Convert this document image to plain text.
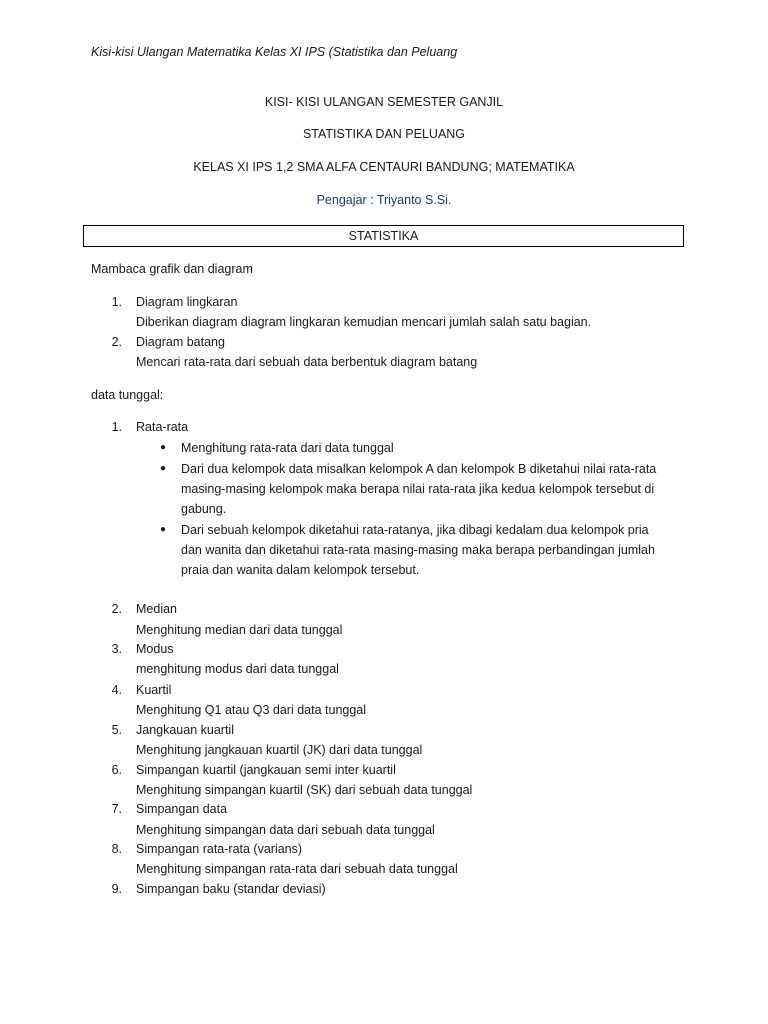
Kisi-kisi Ulangan Matematika Kelas XI IPS (Statistika dan Peluang
KISI- KISI ULANGAN SEMESTER GANJIL
STATISTIKA DAN PELUANG
KELAS XI IPS 1,2 SMA ALFA CENTAURI BANDUNG; MATEMATIKA
Pengajar : Triyanto S.Si.
STATISTIKA
Mambaca grafik dan diagram
1. Diagram lingkaran
Diberikan diagram diagram lingkaran kemudian mencari jumlah salah satu bagian.
2. Diagram batang
Mencari rata-rata dari sebuah data berbentuk diagram batang
data tunggal:
1. Rata-rata
● Menghitung rata-rata dari data tunggal
● Dari dua kelompok data misalkan kelompok A dan kelompok B diketahui nilai rata-rata
masing-masing kelompok maka berapa nilai rata-rata jika kedua kelompok tersebut di
gabung.
● Dari sebuah kelompok diketahui rata-ratanya, jika dibagi kedalam dua kelompok pria
dan wanita dan diketahui rata-rata masing-masing maka berapa perbandingan jumlah
praia dan wanita dalam kelompok tersebut.
2. Median
Menghitung median dari data tunggal
3. Modus
menghitung modus dari data tunggal
4. Kuartil
Menghitung Q1 atau Q3 dari data tunggal
5. Jangkauan kuartil
Menghitung jangkauan kuartil (JK) dari data tunggal
6. Simpangan kuartil (jangkauan semi inter kuartil
Menghitung simpangan kuartil (SK) dari sebuah data tunggal
7. Simpangan data
Menghitung simpangan data dari sebuah data tunggal
8. Simpangan rata-rata (varians)
Menghitung simpangan rata-rata dari sebuah data tunggal
9. Simpangan baku (standar deviasi)
